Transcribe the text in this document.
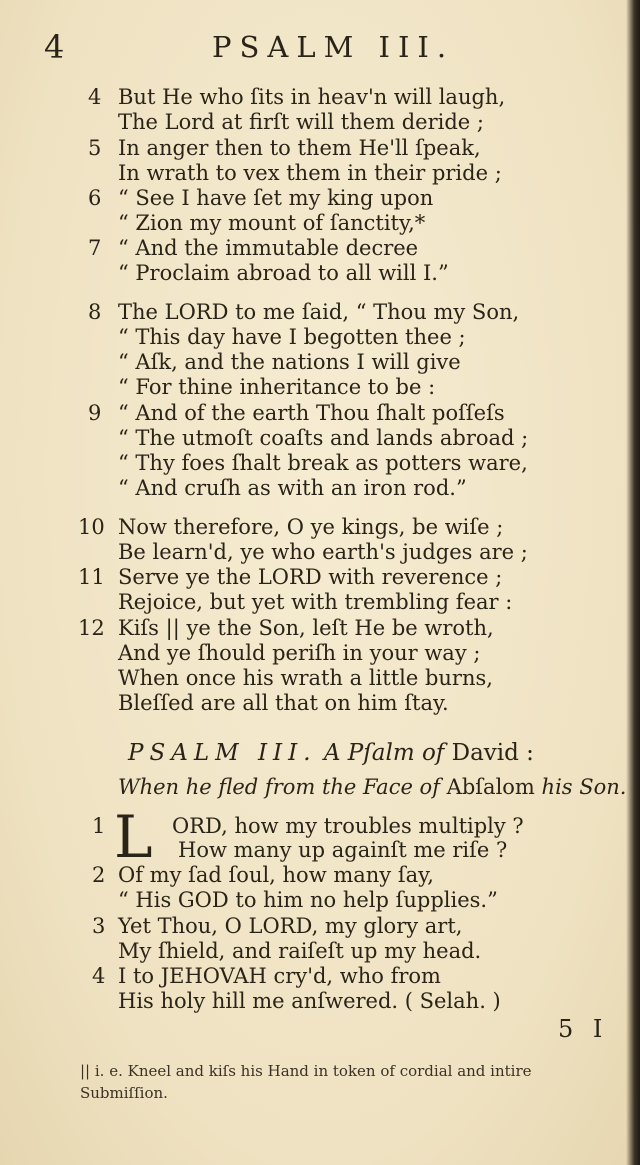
4	PSALM III.
4 But He who ſits in heav'n will laugh,
The Lord at firſt will them deride ;
5 In anger then to them He'll ſpeak,
In wrath to vex them in their pride ;
6 “ See I have ſet my king upon
“ Zion my mount of ſanctity,*
7 “ And the immutable decree
“ Proclaim abroad to all will I.”
8 The LORD to me ſaid, “ Thou my Son,
“ This day have I begotten thee ;
“ Aſk, and the nations I will give
“ For thine inheritance to be :
9 “ And of the earth Thou ſhalt poſſeſs
“ The utmoſt coaſts and lands abroad ;
“ Thy foes ſhalt break as potters ware,
“ And cruſh as with an iron rod.”
10 Now therefore, O ye kings, be wiſe ;
Be learn'd, ye who earth's judges are ;
11 Serve ye the LORD with reverence ;
Rejoice, but yet with trembling fear :
12 Kiſs || ye the Son, leſt He be wroth,
And ye ſhould periſh in your way ;
When once his wrath a little burns,
Bleſſed are all that on him ſtay.
PSALM III. A Pſalm of David :
When he fled from the Face of Abſalom his Son.
1 L ORD, how my troubles multiply ?
How many up againſt me riſe ?
2 Of my ſad ſoul, how many ſay,
“ His GOD to him no help ſupplies.”
3 Yet Thou, O LORD, my glory art,
My ſhield, and raiſeſt up my head.
4 I to JEHOVAH cry'd, who from
His holy hill me anſwered. ( Selah. )
5 I
|| i. e. Kneel and kiſs his Hand in token of cordial and intire Submiſſion.
